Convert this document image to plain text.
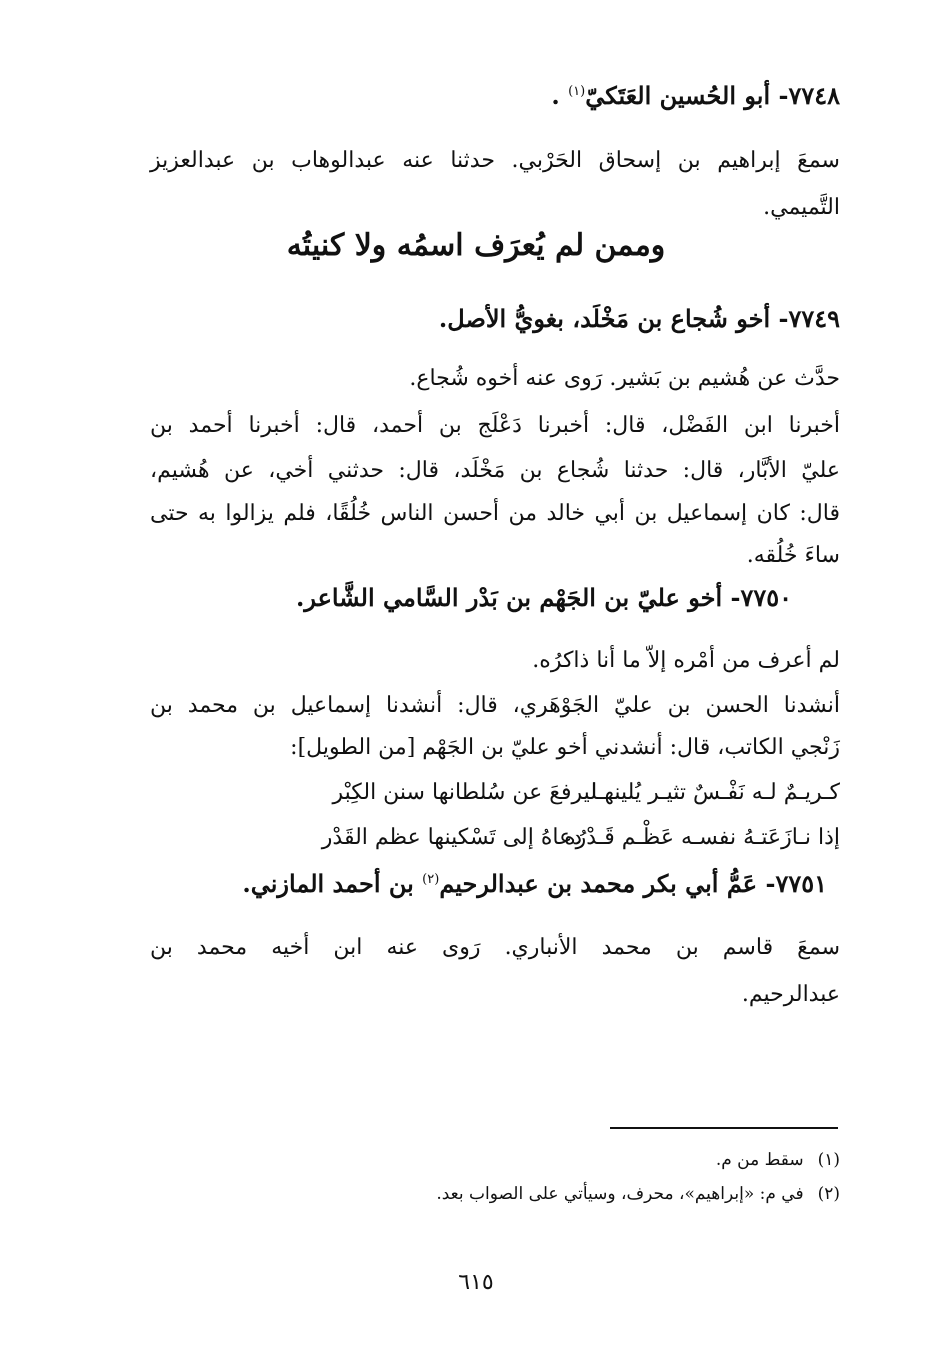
٧٧٤٨- أبو الحُسين العَتَكيّ$^{(١)}$ .
سمعَ إبراهيم بن إسحاق الحَرْبي. حدثنا عنه عبدالوهاب بن عبدالعزيز
التَّميمي.
وممن لم يُعرَف اسمُه ولا كنيتُه
٧٧٤٩- أخو شُجاع بن مَخْلَد، بغويُّ الأصل.
حدَّث عن هُشيم بن بَشير. رَوى عنه أخوه شُجاع.
أخبرنا ابن الفَضْل، قال: أخبرنا دَعْلَج بن أحمد، قال: أخبرنا أحمد بن
عليّ الأبَّار، قال: حدثنا شُجاع بن مَخْلَد، قال: حدثني أخي، عن هُشيم،
قال: كان إسماعيل بن أبي خالد من أحسن الناس خُلُقًا، فلم يزالوا به حتى
ساءَ خُلُقه.
٧٧٥٠- أخو عليّ بن الجَهْم بن بَدْر السَّامي الشَّاعر.
لم أعرف من أمْره إلاّ ما أنا ذاكرُه.
أنشدنا الحسن بن عليّ الجَوْهَري، قال: أنشدنا إسماعيل بن محمد بن
زَنْجي الكاتب، قال: أنشدني أخو عليّ بن الجَهْم [من الطويل]:
كـريـمٌ لـه نَفْـسٌ تثيـر يُلينهـا
ليرفعَ عن سُلطانها سنن الكِبْر
إذا نـازَعَتـهُ نفسـه عَظْـم قَـدْرُه
دعاهُ إلى تَسْكينها عظم القَدْر
٧٧٥١- عَمُّ أبي بكر محمد بن عبدالرحيم$^{(٢)}$ بن أحمد المازني.
سمعَ قاسم بن محمد الأنباري. رَوى عنه ابن أخيه محمد بن
عبدالرحيم.
(١)سقط من م.
(٢)في م: «إبراهيم»، محرف، وسيأتي على الصواب بعد.
٦١٥
